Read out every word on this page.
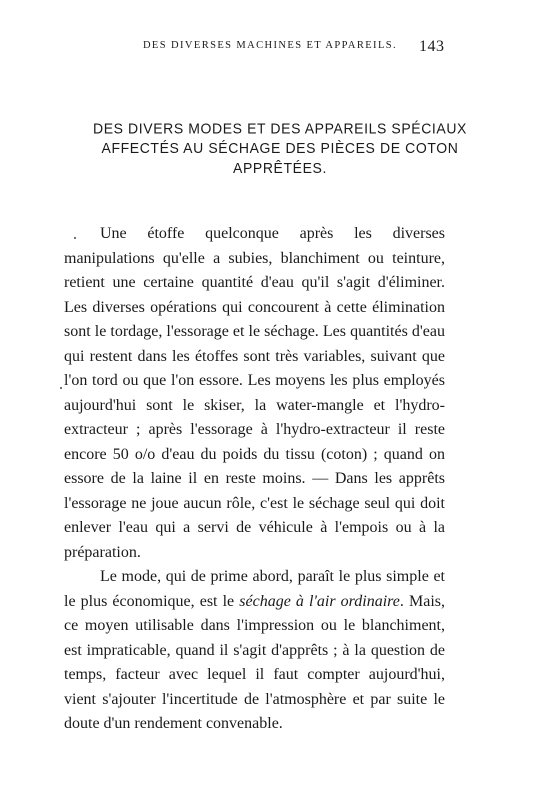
DES DIVERSES MACHINES ET APPAREILS.	143
DES DIVERS MODES ET DES APPAREILS SPÉCIAUX
AFFECTÉS AU SÉCHAGE DES PIÈCES DE COTON
APPRÊTÉES.

Une étoffe quelconque après les diverses manipulations qu'elle a subies, blanchiment ou teinture, retient une certaine quantité d'eau qu'il s'agit d'éliminer. Les diverses opérations qui concourent à cette élimination sont le tordage, l'essorage et le séchage. Les quantités d'eau qui restent dans les étoffes sont très variables, suivant que l'on tord ou que l'on essore. Les moyens les plus employés aujourd'hui sont le skiser, la water-mangle et l'hydro-extracteur ; après l'essorage à l'hydro-extracteur il reste encore 50 o/o d'eau du poids du tissu (coton) ; quand on essore de la laine il en reste moins. — Dans les apprêts l'essorage ne joue aucun rôle, c'est le séchage seul qui doit enlever l'eau qui a servi de véhicule à l'empois ou à la préparation.

Le mode, qui de prime abord, paraît le plus simple et le plus économique, est le séchage à l'air ordinaire. Mais, ce moyen utilisable dans l'impression ou le blanchiment, est impraticable, quand il s'agit d'apprêts ; à la question de temps, facteur avec lequel il faut compter aujourd'hui, vient s'ajouter l'incertitude de l'atmosphère et par suite le doute d'un rendement convenable.
